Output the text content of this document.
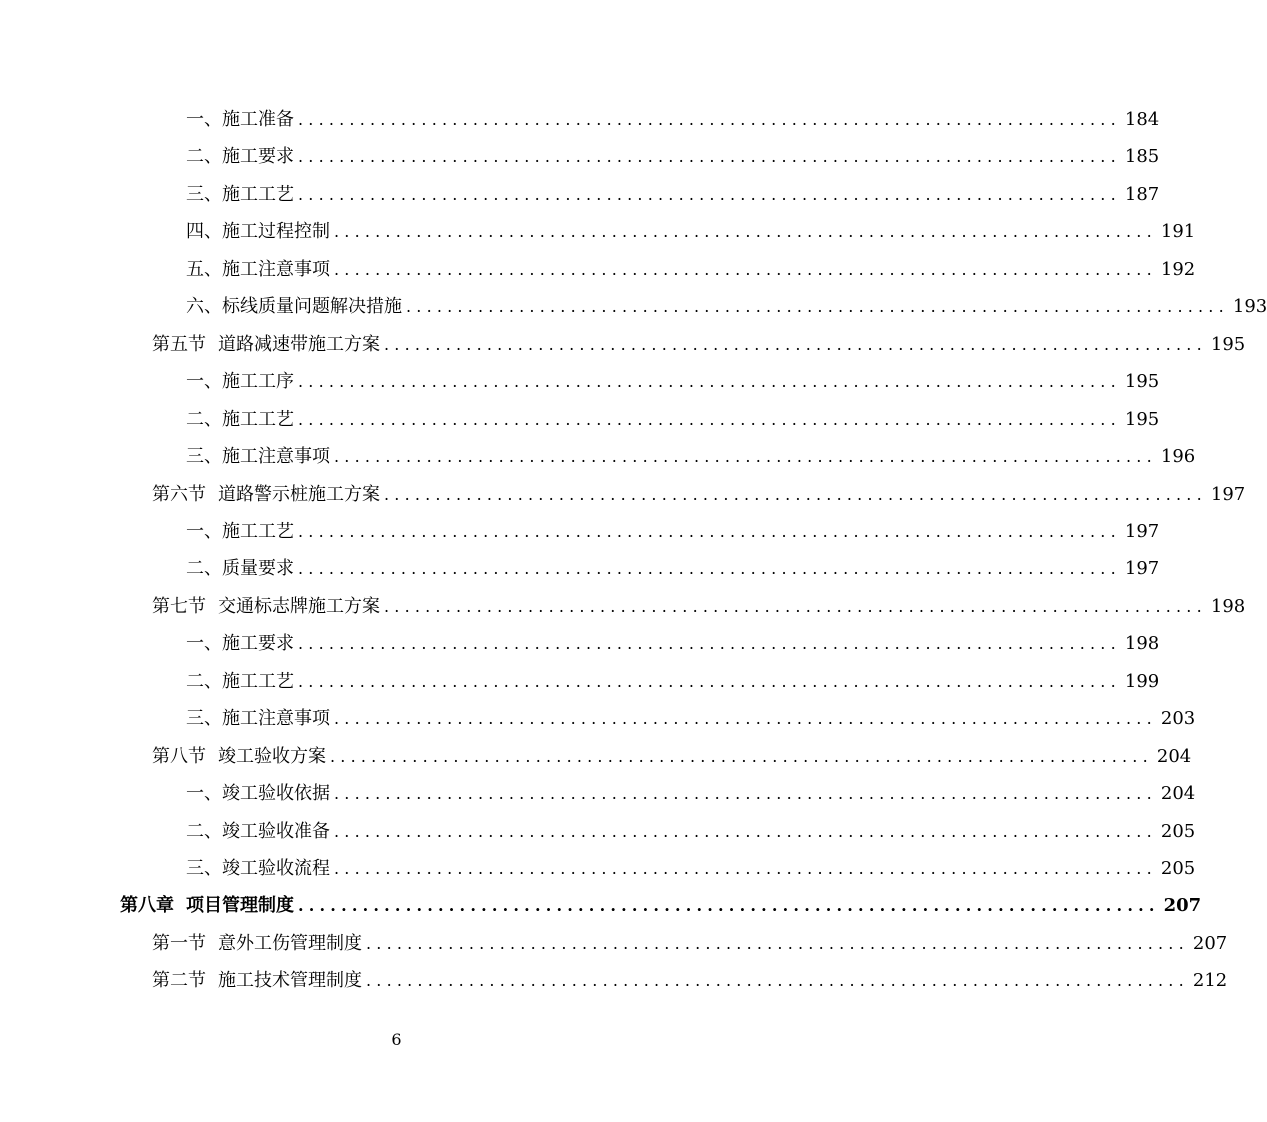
一、施工准备 ................................................................................ 184
二、施工要求 ................................................................................ 185
三、施工工艺 ................................................................................ 187
四、施工过程控制 ................................................................................ 191
五、施工注意事项 ................................................................................ 192
六、标线质量问题解决措施 ................................................................................ 193
第五节 道路减速带施工方案 ................................................................................ 195
一、施工工序 ................................................................................ 195
二、施工工艺 ................................................................................ 195
三、施工注意事项 ................................................................................ 196
第六节 道路警示桩施工方案 ................................................................................ 197
一、施工工艺 ................................................................................ 197
二、质量要求 ................................................................................ 197
第七节 交通标志牌施工方案 ................................................................................ 198
一、施工要求 ................................................................................ 198
二、施工工艺 ................................................................................ 199
三、施工注意事项 ................................................................................ 203
第八节 竣工验收方案 ................................................................................ 204
一、竣工验收依据 ................................................................................ 204
二、竣工验收准备 ................................................................................ 205
三、竣工验收流程 ................................................................................ 205
第八章 项目管理制度 ................................................................................ 207
第一节 意外工伤管理制度 ................................................................................ 207
第二节 施工技术管理制度 ................................................................................ 212
6
